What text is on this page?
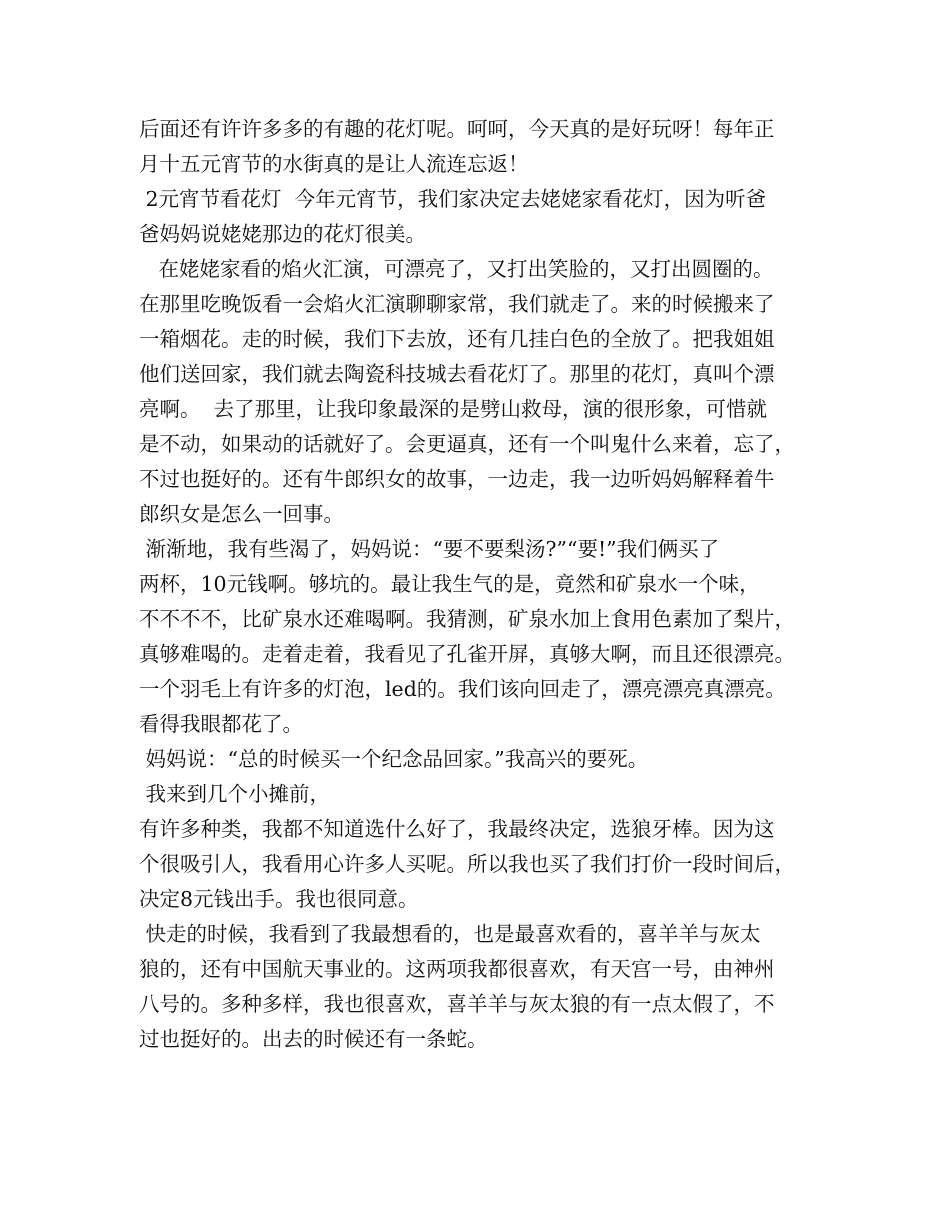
后面还有许许多多的有趣的花灯呢。呵呵，今天真的是好玩呀！每年正
月十五元宵节的水街真的是让人流连忘返！
2元宵节看花灯  今年元宵节，我们家决定去姥姥家看花灯，因为听爸
爸妈妈说姥姥那边的花灯很美。
在姥姥家看的焰火汇演，可漂亮了，又打出笑脸的，又打出圆圈的。
在那里吃晚饭看一会焰火汇演聊聊家常，我们就走了。来的时候搬来了
一箱烟花。走的时候，我们下去放，还有几挂白色的全放了。把我姐姐
他们送回家，我们就去陶瓷科技城去看花灯了。那里的花灯，真叫个漂
亮啊。  去了那里，让我印象最深的是劈山救母，演的很形象，可惜就
是不动，如果动的话就好了。会更逼真，还有一个叫鬼什么来着，忘了，
不过也挺好的。还有牛郎织女的故事，一边走，我一边听妈妈解释着牛
郎织女是怎么一回事。
渐渐地，我有些渴了，妈妈说：“要不要梨汤?”“要!”我们俩买了
两杯，10元钱啊。够坑的。最让我生气的是，竟然和矿泉水一个味，
不不不不，比矿泉水还难喝啊。我猜测，矿泉水加上食用色素加了梨片，
真够难喝的。走着走着，我看见了孔雀开屏，真够大啊，而且还很漂亮。
一个羽毛上有许多的灯泡，led的。我们该向回走了，漂亮漂亮真漂亮。
看得我眼都花了。
妈妈说：“总的时候买一个纪念品回家。”我高兴的要死。
我来到几个小摊前，
有许多种类，我都不知道选什么好了，我最终决定，选狼牙棒。因为这
个很吸引人，我看用心许多人买呢。所以我也买了我们打价一段时间后，
决定8元钱出手。我也很同意。
快走的时候，我看到了我最想看的，也是最喜欢看的，喜羊羊与灰太
狼的，还有中国航天事业的。这两项我都很喜欢，有天宫一号，由神州
八号的。多种多样，我也很喜欢，喜羊羊与灰太狼的有一点太假了，不
过也挺好的。出去的时候还有一条蛇。
